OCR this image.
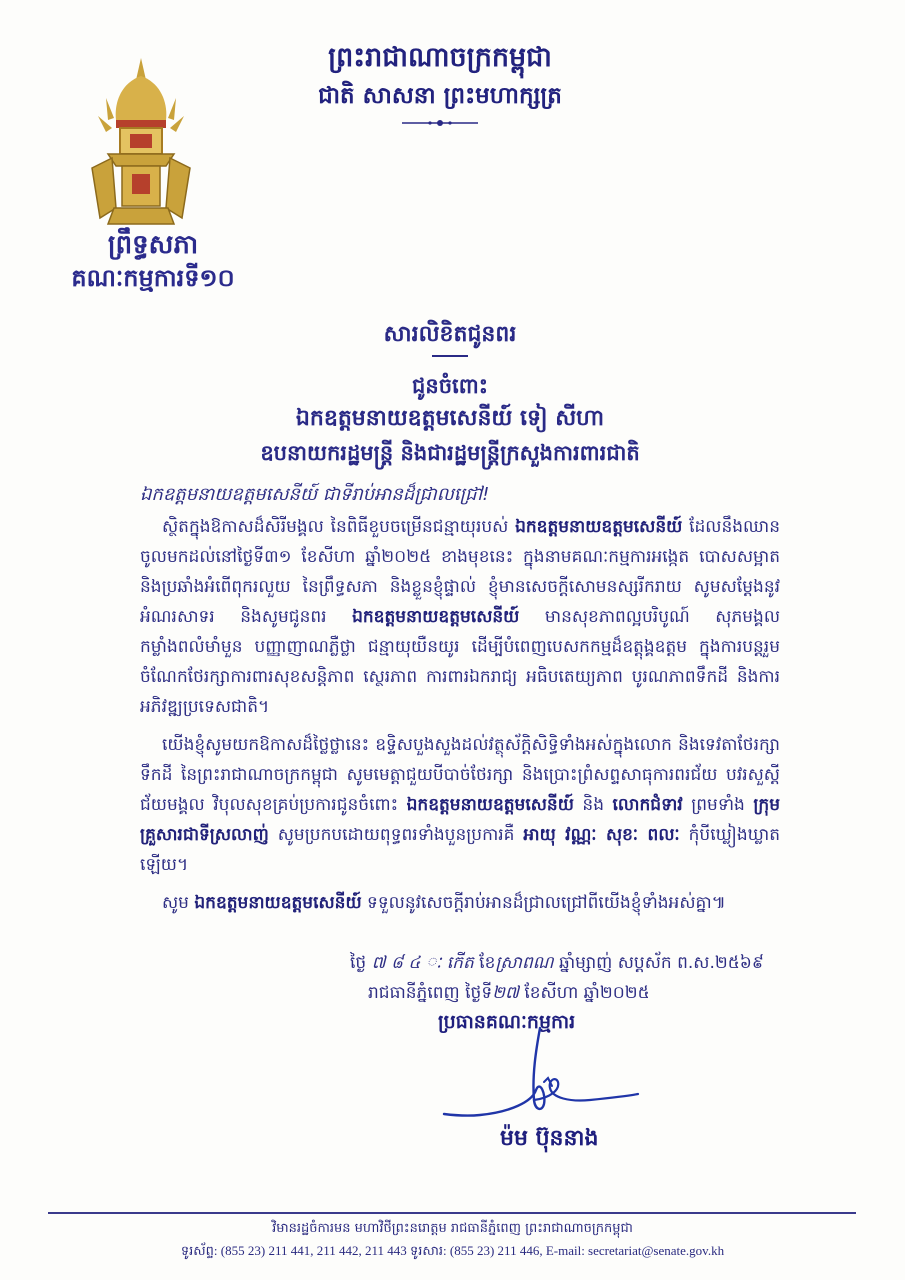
ព្រឹទ្ធសភា
គណៈកម្មការទី១០
ព្រះរាជាណាចក្រកម្ពុជា
ជាតិ សាសនា ព្រះមហាក្សត្រ
សារលិខិតជូនពរ
ជូនចំពោះ
ឯកឧត្តមនាយឧត្តមសេនីយ៍ ទៀ សីហា
ឧបនាយករដ្ឋមន្ត្រី និងជារដ្ឋមន្ត្រីក្រសួងការពារជាតិ

ឯកឧត្តមនាយឧត្តមសេនីយ៍ ជាទីរាប់អានដ៏ជ្រាលជ្រៅ!

ស្ថិតក្នុងឱកាសដ៏សិរីមង្គល នៃពិធីខួបចម្រើនជន្មាយុរបស់ ឯកឧត្តមនាយឧត្តមសេនីយ៍ ដែលនឹងឈានចូលមកដល់នៅថ្ងៃទី៣១ ខែសីហា ឆ្នាំ២០២៥ ខាងមុខនេះ ក្នុងនាមគណៈកម្មការអង្កេត បោសសម្អាត និងប្រឆាំងអំពើពុករលួយ នៃព្រឹទ្ធសភា និងខ្លួនខ្ញុំផ្ទាល់ ខ្ញុំមានសេចក្តីសោមនស្សរីករាយ សូមសម្តែងនូវអំណរសាទរ និងសូមជូនពរ ឯកឧត្តមនាយឧត្តមសេនីយ៍ មានសុខភាពល្អបរិបូណ៍ សុភមង្គល កម្លាំងពលំមាំមួន បញ្ញាញាណភ្លឺថ្លា ជន្មាយុយឺនយូរ ដើម្បីបំពេញបេសកកម្មដ៏ឧត្តុង្គឧត្តម ក្នុងការបន្តរួមចំណែកថែរក្សាការពារសុខសន្តិភាព ស្ថេរភាព ការពារឯករាជ្យ អធិបតេយ្យភាព បូរណភាពទឹកដី និងការអភិវឌ្ឍប្រទេសជាតិ។

យើងខ្ញុំសូមយកឱកាសដ៏ថ្លៃថ្លានេះ ឧទ្ទិសបួងសួងដល់វត្ថុស័ក្តិសិទ្ធិទាំងអស់ក្នុងលោក និងទេវតាថែរក្សាទឹកដី នៃព្រះរាជាណាចក្រកម្ពុជា សូមមេត្តាជួយបីបាច់ថែរក្សា និងប្រោះព្រំសព្ទសាធុការពរជ័យ បវរសួស្តី ជ័យមង្គល វិបុលសុខគ្រប់ប្រការជូនចំពោះ ឯកឧត្តមនាយឧត្តមសេនីយ៍ និង លោកជំទាវ ព្រមទាំង ក្រុមគ្រួសារជាទីស្រលាញ់ សូមប្រកបដោយពុទ្ធពរទាំងបួនប្រការគឺ អាយុ វណ្ណៈ សុខៈ ពលៈ កុំបីឃ្លៀងឃ្លាតឡើយ។

សូម ឯកឧត្តមនាយឧត្តមសេនីយ៍ ទទួលនូវសេចក្តីរាប់អានដ៏ជ្រាលជ្រៅពីយើងខ្ញុំទាំងអស់គ្នា៕

ថ្ងៃ ៧ ៨ ៤ ៈ កើត ខែស្រាពណ ឆ្នាំម្សាញ់ សប្តស័ក ព.ស.២៥៦៩
រាជធានីភ្នំពេញ ថ្ងៃទី២៧ ខែសីហា ឆ្នាំ២០២៥
ប្រធានគណៈកម្មការ
ម៉ម ប៊ុននាង
វិមានរដ្ឋចំការមន មហាវិថីព្រះនរោត្តម រាជធានីភ្នំពេញ ព្រះរាជាណាចក្រកម្ពុជា
ទូរស័ព្ទ: (855 23) 211 441, 211 442, 211 443 ទូរសារ: (855 23) 211 446, E-mail: secretariat@senate.gov.kh
